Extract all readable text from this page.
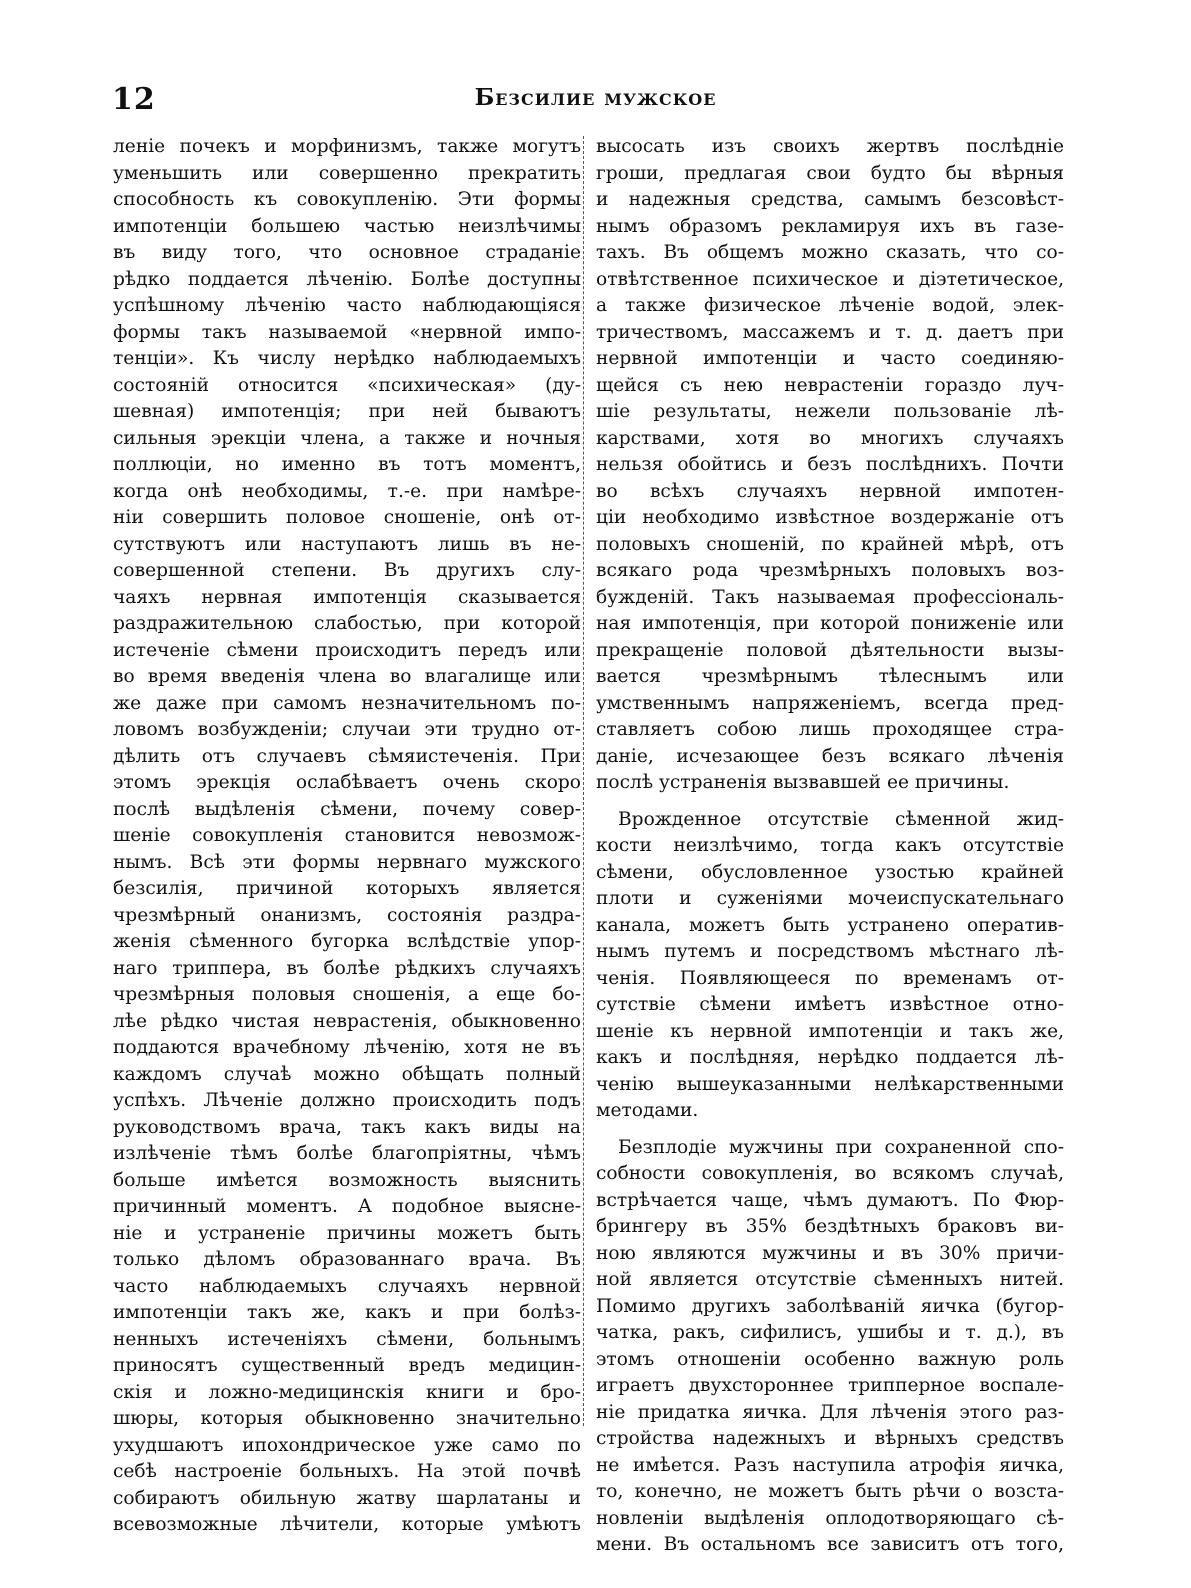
12	Безсилие мужское
леніе почекъ и морфинизмъ, также могутъ
уменьшить или совершенно прекратить
способность къ совокупленію. Эти формы
импотенціи большею частью неизлѣчимы
въ виду того, что основное страданіе
рѣдко поддается лѣченію. Болѣе доступны
успѣшному лѣченію часто наблюдающіяся
формы такъ называемой «нервной импо-
тенціи». Къ числу нерѣдко наблюдаемыхъ
состояній относится «психическая» (ду-
шевная) импотенція; при ней бываютъ
сильныя эрекціи члена, а также и ночныя
поллюціи, но именно въ тотъ моментъ,
когда онѣ необходимы, т.-е. при намѣре-
ніи совершить половое сношеніе, онѣ от-
сутствуютъ или наступаютъ лишь въ не-
совершенной степени. Въ другихъ слу-
чаяхъ нервная импотенція сказывается
раздражительною слабостью, при которой
истеченіе сѣмени происходитъ передъ или
во время введенія члена во влагалище или
же даже при самомъ незначительномъ по-
ловомъ возбужденіи; случаи эти трудно от-
дѣлить отъ случаевъ сѣмяистеченія. При
этомъ эрекція ослабѣваетъ очень скоро
послѣ выдѣленія сѣмени, почему совер-
шеніе совокупленія становится невозмож-
нымъ. Всѣ эти формы нервнаго мужского
безсилія, причиной которыхъ является
чрезмѣрный онанизмъ, состоянія раздра-
женія сѣменного бугорка вслѣдствіе упор-
наго триппера, въ болѣе рѣдкихъ случаяхъ
чрезмѣрныя половыя сношенія, а еще бо-
лѣе рѣдко чистая неврастенія, обыкновенно
поддаются врачебному лѣченію, хотя не въ
каждомъ случаѣ можно обѣщать полный
успѣхъ. Лѣченіе должно происходить подъ
руководствомъ врача, такъ какъ виды на
излѣченіе тѣмъ болѣе благопріятны, чѣмъ
больше имѣется возможность выяснить
причинный моментъ. А подобное выясне-
ніе и устраненіе причины можетъ быть
только дѣломъ образованнаго врача. Въ
часто наблюдаемыхъ случаяхъ нервной
импотенціи такъ же, какъ и при болѣз-
ненныхъ истеченіяхъ сѣмени, больнымъ
приносятъ существенный вредъ медицин-
скія и ложно-медицинскія книги и бро-
шюры, которыя обыкновенно значительно
ухудшаютъ ипохондрическое уже само по
себѣ настроеніе больныхъ. На этой почвѣ
собираютъ обильную жатву шарлатаны и
всевозможные лѣчители, которые умѣютъ
высосать изъ своихъ жертвъ послѣдніе
гроши, предлагая свои будто бы вѣрныя
и надежныя средства, самымъ безсовѣст-
нымъ образомъ рекламируя ихъ въ газе-
тахъ. Въ общемъ можно сказать, что со-
отвѣтственное психическое и діэтетическое,
а также физическое лѣченіе водой, элек-
тричествомъ, массажемъ и т. д. даетъ при
нервной импотенціи и часто соединяю-
щейся съ нею неврастеніи гораздо луч-
шіе результаты, нежели пользованіе лѣ-
карствами, хотя во многихъ случаяхъ
нельзя обойтись и безъ послѣднихъ. Почти
во всѣхъ случаяхъ нервной импотен-
ціи необходимо извѣстное воздержаніе отъ
половыхъ сношеній, по крайней мѣрѣ, отъ
всякаго рода чрезмѣрныхъ половыхъ воз-
бужденій. Такъ называемая профессіональ-
ная импотенція, при которой пониженіе или
прекращеніе половой дѣятельности вызы-
вается чрезмѣрнымъ тѣлеснымъ или
умственнымъ напряженіемъ, всегда пред-
ставляетъ собою лишь проходящее стра-
даніе, исчезающее безъ всякаго лѣченія
послѣ устраненія вызвавшей ее причины.
Врожденное отсутствіе сѣменной жид-
кости неизлѣчимо, тогда какъ отсутствіе
сѣмени, обусловленное узостью крайней
плоти и суженіями мочеиспускательнаго
канала, можетъ быть устранено оператив-
нымъ путемъ и посредствомъ мѣстнаго лѣ-
ченія. Появляющееся по временамъ от-
сутствіе сѣмени имѣетъ извѣстное отно-
шеніе къ нервной импотенціи и такъ же,
какъ и послѣдняя, нерѣдко поддается лѣ-
ченію вышеуказанными нелѣкарственными
методами.
Безплодіе мужчины при сохраненной спо-
собности совокупленія, во всякомъ случаѣ,
встрѣчается чаще, чѣмъ думаютъ. По Фюр-
брингеру въ 35% бездѣтныхъ браковъ ви-
ною являются мужчины и въ 30% причи-
ной является отсутствіе сѣменныхъ нитей.
Помимо другихъ заболѣваній яичка (бугор-
чатка, ракъ, сифилисъ, ушибы и т. д.), въ
этомъ отношеніи особенно важную роль
играетъ двухстороннее трипперное воспале-
ніе придатка яичка. Для лѣченія этого раз-
стройства надежныхъ и вѣрныхъ средствъ
не имѣется. Разъ наступила атрофія яичка,
то, конечно, не можетъ быть рѣчи о возста-
новленіи выдѣленія оплодотворяющаго сѣ-
мени. Въ остальномъ все зависитъ отъ того,
